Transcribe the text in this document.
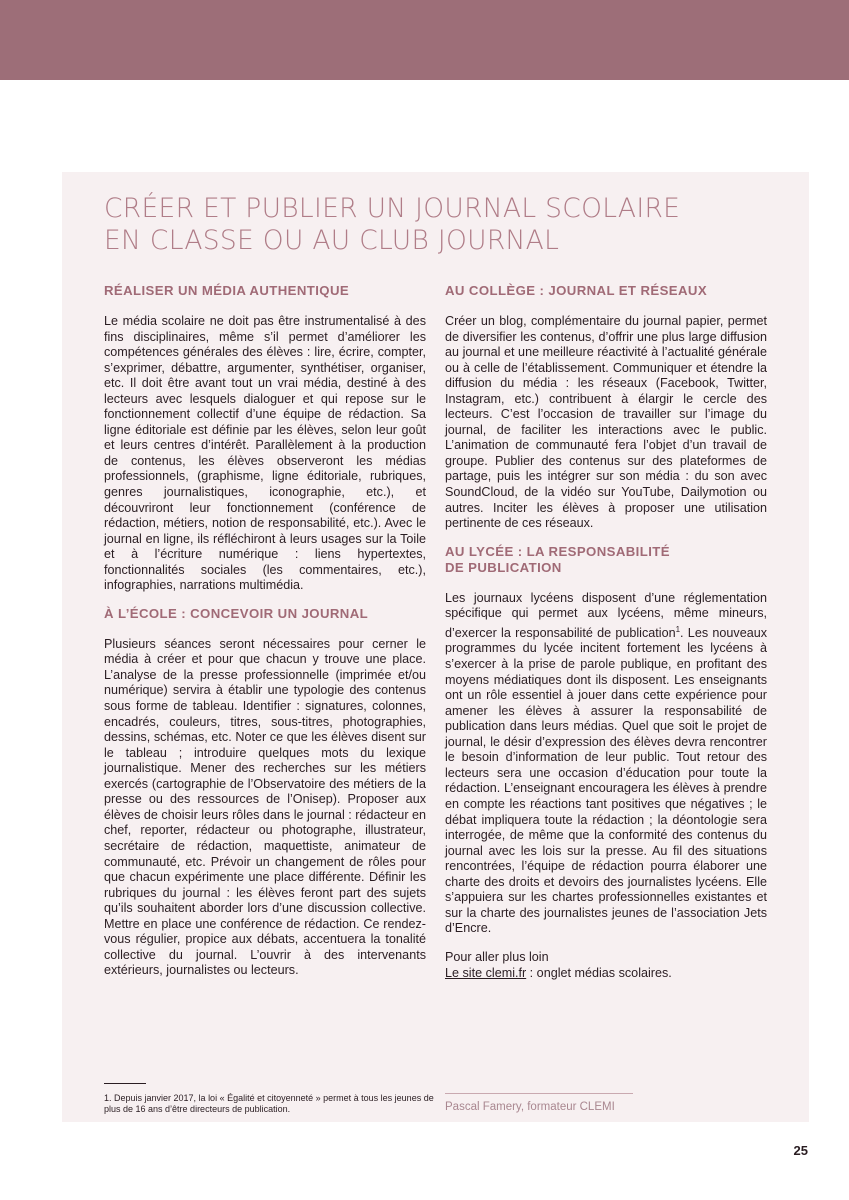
CRÉER ET PUBLIER UN JOURNAL SCOLAIRE
EN CLASSE OU AU CLUB JOURNAL
RÉALISER UN MÉDIA AUTHENTIQUE

Le média scolaire ne doit pas être instrumentalisé à des fins disciplinaires, même s’il permet d’améliorer les compétences générales des élèves : lire, écrire, compter, s’exprimer, débattre, argumenter, synthétiser, organiser, etc. Il doit être avant tout un vrai média, destiné à des lecteurs avec lesquels dialoguer et qui repose sur le fonctionnement collectif d’une équipe de rédaction. Sa ligne éditoriale est définie par les élèves, selon leur goût et leurs centres d’intérêt. Parallèlement à la production de contenus, les élèves observeront les médias professionnels, (graphisme, ligne éditoriale, rubriques, genres journalistiques, iconographie, etc.), et découvriront leur fonctionnement (conférence de rédaction, métiers, notion de responsabilité, etc.). Avec le journal en ligne, ils réfléchiront à leurs usages sur la Toile et à l’écriture numérique : liens hypertextes, fonctionnalités sociales (les commentaires, etc.), infographies, narrations multimédia.

À L’ÉCOLE : CONCEVOIR UN JOURNAL

Plusieurs séances seront nécessaires pour cerner le média à créer et pour que chacun y trouve une place. L’analyse de la presse professionnelle (imprimée et/ou numérique) servira à établir une typologie des contenus sous forme de tableau. Identifier : signatures, colonnes, encadrés, couleurs, titres, sous-titres, photographies, dessins, schémas, etc. Noter ce que les élèves disent sur le tableau ; introduire quelques mots du lexique journalistique. Mener des recherches sur les métiers exercés (cartographie de l’Observatoire des métiers de la presse ou des ressources de l’Onisep). Proposer aux élèves de choisir leurs rôles dans le journal : rédacteur en chef, reporter, rédacteur ou photographe, illustrateur, secrétaire de rédaction, maquettiste, animateur de communauté, etc. Prévoir un changement de rôles pour que chacun expérimente une place différente. Définir les rubriques du journal : les élèves feront part des sujets qu’ils souhaitent aborder lors d’une discussion collective. Mettre en place une conférence de rédaction. Ce rendez-vous régulier, propice aux débats, accentuera la tonalité collective du journal. L’ouvrir à des intervenants extérieurs, journalistes ou lecteurs.

AU COLLÈGE : JOURNAL ET RÉSEAUX

Créer un blog, complémentaire du journal papier, permet de diversifier les contenus, d’offrir une plus large diffusion au journal et une meilleure réactivité à l’actualité générale ou à celle de l’établissement. Communiquer et étendre la diffusion du média : les réseaux (Facebook, Twitter, Instagram, etc.) contribuent à élargir le cercle des lecteurs. C’est l’occasion de travailler sur l’image du journal, de faciliter les interactions avec le public. L’animation de communauté fera l’objet d’un travail de groupe. Publier des contenus sur des plateformes de partage, puis les intégrer sur son média : du son avec SoundCloud, de la vidéo sur YouTube, Dailymotion ou autres. Inciter les élèves à proposer une utilisation pertinente de ces réseaux.

AU LYCÉE : LA RESPONSABILITÉ
DE PUBLICATION

Les journaux lycéens disposent d’une réglementation spécifique qui permet aux lycéens, même mineurs, d’exercer la responsabilité de publication$^1$. Les nouveaux programmes du lycée incitent fortement les lycéens à s’exercer à la prise de parole publique, en profitant des moyens médiatiques dont ils disposent. Les enseignants ont un rôle essentiel à jouer dans cette expérience pour amener les élèves à assurer la responsabilité de publication dans leurs médias. Quel que soit le projet de journal, le désir d’expression des élèves devra rencontrer le besoin d’information de leur public. Tout retour des lecteurs sera une occasion d’éducation pour toute la rédaction. L’enseignant encouragera les élèves à prendre en compte les réactions tant positives que négatives ; le débat impliquera toute la rédaction ; la déontologie sera interrogée, de même que la conformité des contenus du journal avec les lois sur la presse. Au fil des situations rencontrées, l’équipe de rédaction pourra élaborer une charte des droits et devoirs des journalistes lycéens. Elle s’appuiera sur les chartes professionnelles existantes et sur la charte des journalistes jeunes de l’association Jets d’Encre.

Pour aller plus loin
Le site clemi.fr : onglet médias scolaires.
1. Depuis janvier 2017, la loi « Égalité et citoyenneté » permet à tous les jeunes de plus de 16 ans d’être directeurs de publication.	Pascal Famery, formateur CLEMI
25
